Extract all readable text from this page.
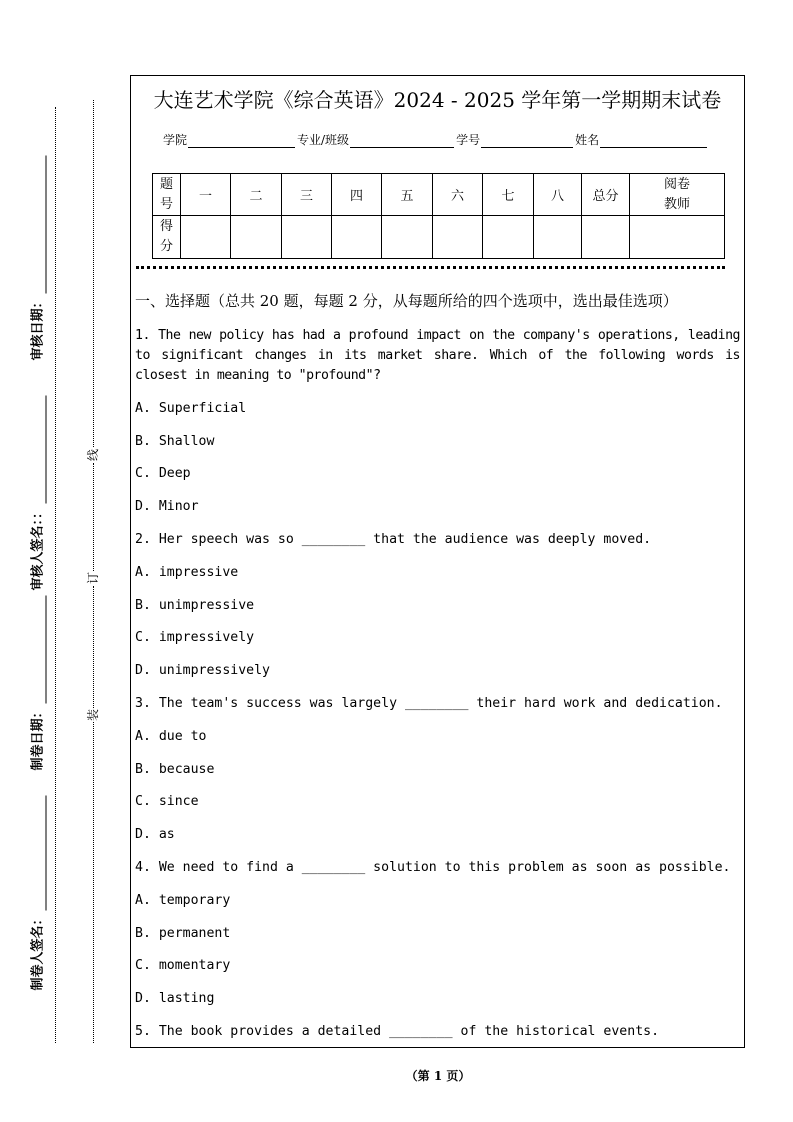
审核日期：
审核人签名：：
制卷日期：
制卷人签名：
线
订
装
大连艺术学院《综合英语》2024 - 2025 学年第一学期期末试卷
学院	专业/班级	学号	姓名
题号	一	二	三	四	五	六	七	八	总分	阅卷教师
得分										

一、选择题（总共 20 题，每题 2 分，从每题所给的四个选项中，选出最佳选项）

1. The new policy has had a profound impact on the company's operations, leading to significant changes in its market share. Which of the following words is closest in meaning to "profound"?

A. Superficial

B. Shallow

C. Deep

D. Minor

2. Her speech was so ________ that the audience was deeply moved.

A. impressive

B. unimpressive

C. impressively

D. unimpressively

3. The team's success was largely ________ their hard work and dedication.

A. due to

B. because

C. since

D. as

4. We need to find a ________ solution to this problem as soon as possible.

A. temporary

B. permanent

C. momentary

D. lasting

5. The book provides a detailed ________ of the historical events.

（第 1 页）
